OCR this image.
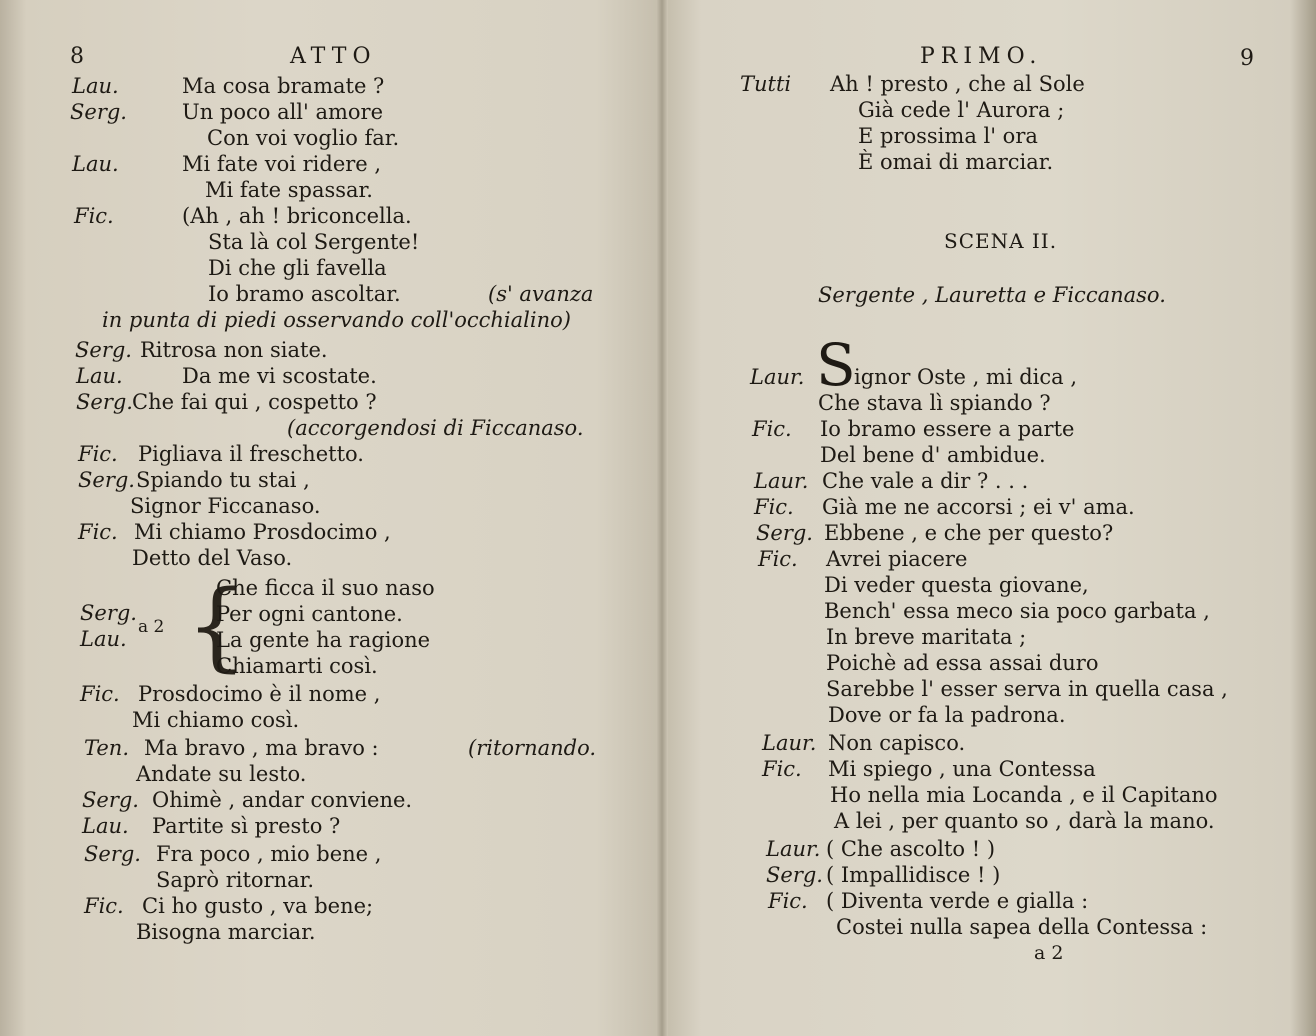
8	ATTO
Lau.	Ma cosa bramate ?
Serg.	Un poco all' amore
Con voi voglio far.
Lau.	Mi fate voi ridere ,
Mi fate spassar.
Fic.	(Ah , ah ! briconcella.
Sta là col Sergente!
Di che gli favella
Io bramo ascoltar.	(s' avanza
in punta di piedi osservando coll'occhialino)
Serg. Ritrosa non siate.
Lau.	Da me vi scostate.
Serg. Che fai qui , cospetto ?
(accorgendosi di Ficcanaso.
Fic. Pigliava il freschetto.
Serg. Spiando tu stai ,
Signor Ficcanaso.
Fic. Mi chiamo Prosdocimo ,
Detto del Vaso.
Serg.
Lau. a 2 {
Che ficca il suo naso
Per ogni cantone.
La gente ha ragione
Chiamarti così.
Fic. Prosdocimo è il nome ,
Mi chiamo così.
Ten. Ma bravo , ma bravo :	(ritornando.
Andate su lesto.
Serg. Ohimè , andar conviene.
Lau. Partite sì presto ?
Serg. Fra poco , mio bene ,
Saprò ritornar.
Fic. Ci ho gusto , va bene;
Bisogna marciar.
PRIMO.	9
Tutti Ah ! presto , che al Sole
Già cede l' Aurora ;
E prossima l' ora
È omai di marciar.
SCENA II.
Sergente , Lauretta e Ficcanaso.
Laur. S
ignor Oste , mi dica ,
Che stava lì spiando ?
Fic. Io bramo essere a parte
Del bene d' ambidue.
Laur. Che vale a dir ? . . .
Fic. Già me ne accorsi ; ei v' ama.
Serg. Ebbene , e che per questo?
Fic. Avrei piacere
Di veder questa giovane,
Bench' essa meco sia poco garbata ,
In breve maritata ;
Poichè ad essa assai duro
Sarebbe l' esser serva in quella casa ,
Dove or fa la padrona.
Laur. Non capisco.
Fic. Mi spiego , una Contessa
Ho nella mia Locanda , e il Capitano
A lei , per quanto so , darà la mano.
Laur. ( Che ascolto ! )
Serg. ( Impallidisce ! )
Fic. ( Diventa verde e gialla :
Costei nulla sapea della Contessa :
a 2
